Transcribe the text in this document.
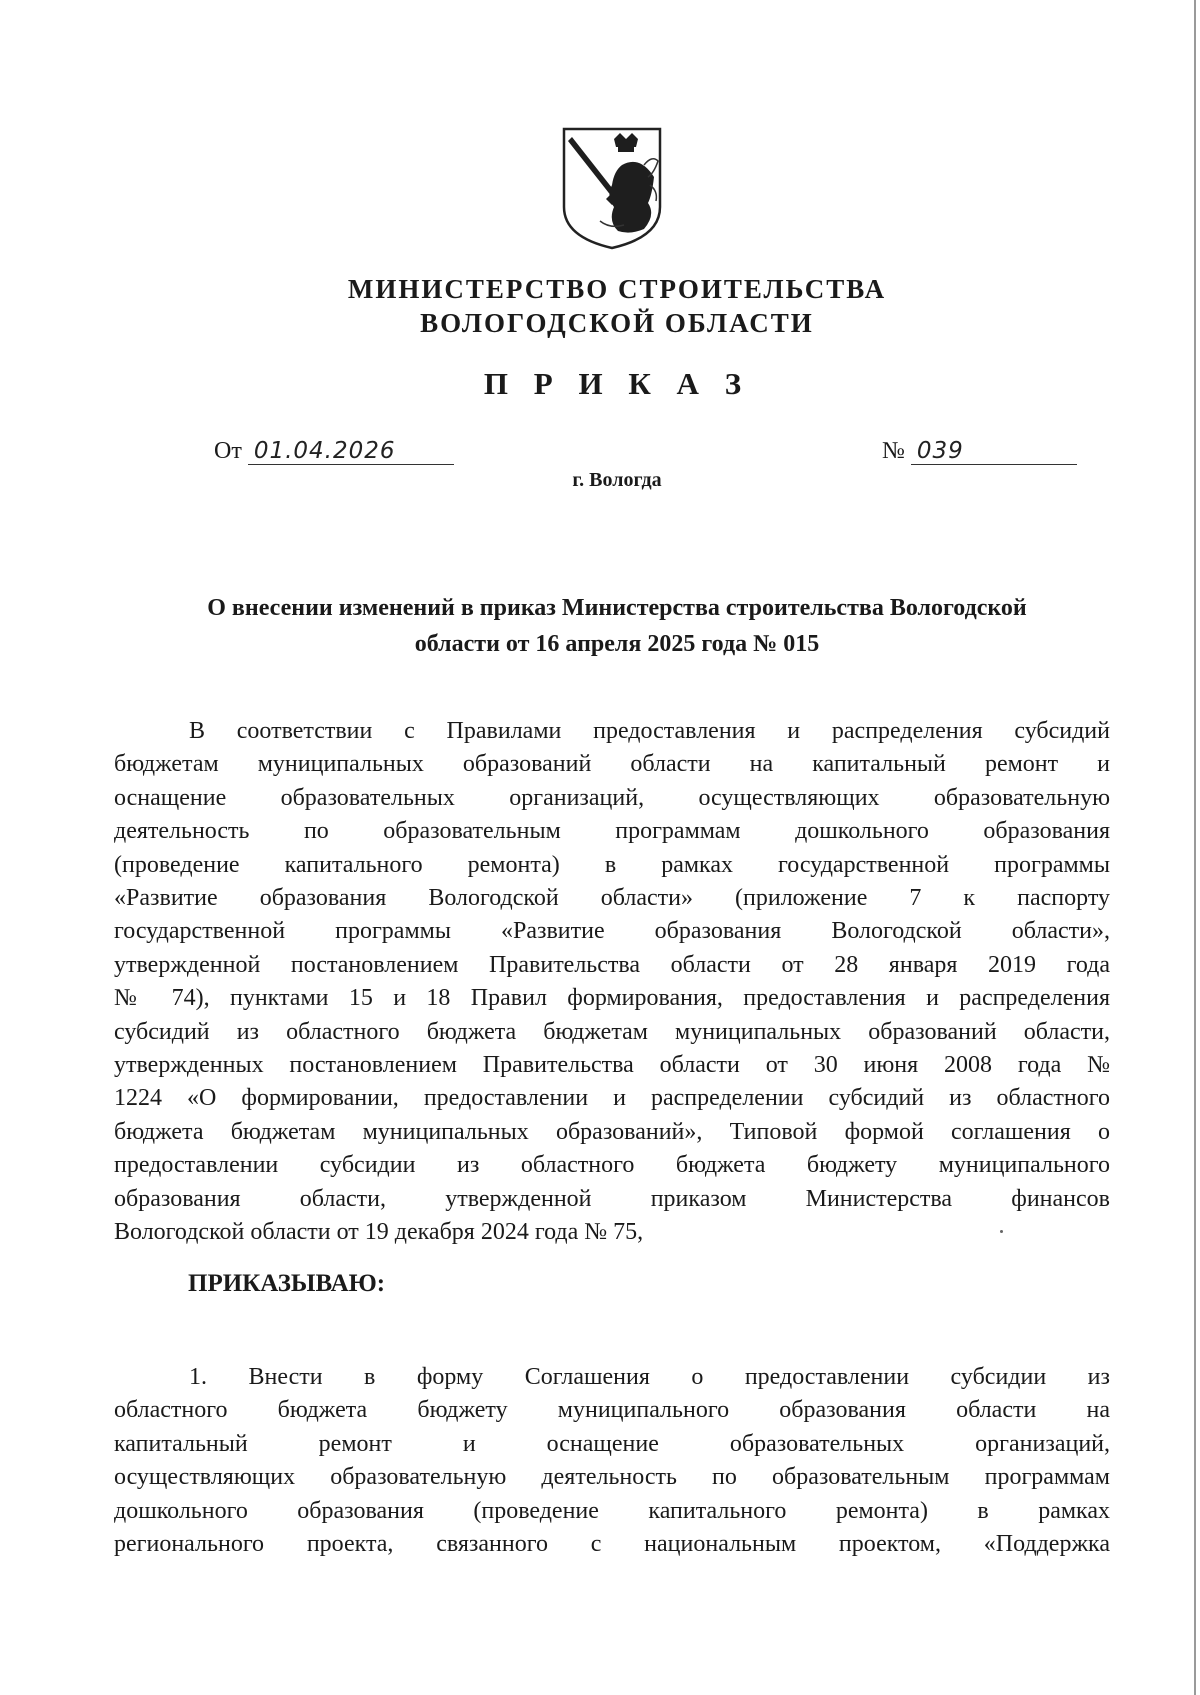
МИНИСТЕРСТВО СТРОИТЕЛЬСТВА
ВОЛОГОДСКОЙ ОБЛАСТИ
П Р И К А З
От 01.04.2026	№ 039
г. Вологда
О внесении изменений в приказ Министерства строительства Вологодской
области от 16 апреля 2025 года № 015
В соответствии с Правилами предоставления и распределения субсидий
бюджетам муниципальных образований области на капитальный ремонт и
оснащение образовательных организаций, осуществляющих образовательную
деятельность по образовательным программам дошкольного образования
(проведение капитального ремонта) в рамках государственной программы
«Развитие образования Вологодской области» (приложение 7 к паспорту
государственной программы «Развитие образования Вологодской области»,
утвержденной постановлением Правительства области от 28 января 2019 года
№ 74), пунктами 15 и 18 Правил формирования, предоставления и распределения
субсидий из областного бюджета бюджетам муниципальных образований области,
утвержденных постановлением Правительства области от 30 июня 2008 года №
1224 «О формировании, предоставлении и распределении субсидий из областного
бюджета бюджетам муниципальных образований», Типовой формой соглашения о
предоставлении субсидии из областного бюджета бюджету муниципального
образования области, утвержденной приказом Министерства финансов
Вологодской области от 19 декабря 2024 года № 75,
ПРИКАЗЫВАЮ:
1. Внести в форму Соглашения о предоставлении субсидии из
областного бюджета бюджету муниципального образования области на
капитальный ремонт и оснащение образовательных организаций,
осуществляющих образовательную деятельность по образовательным программам
дошкольного образования (проведение капитального ремонта) в рамках
регионального проекта, связанного с национальным проектом, «Поддержка
